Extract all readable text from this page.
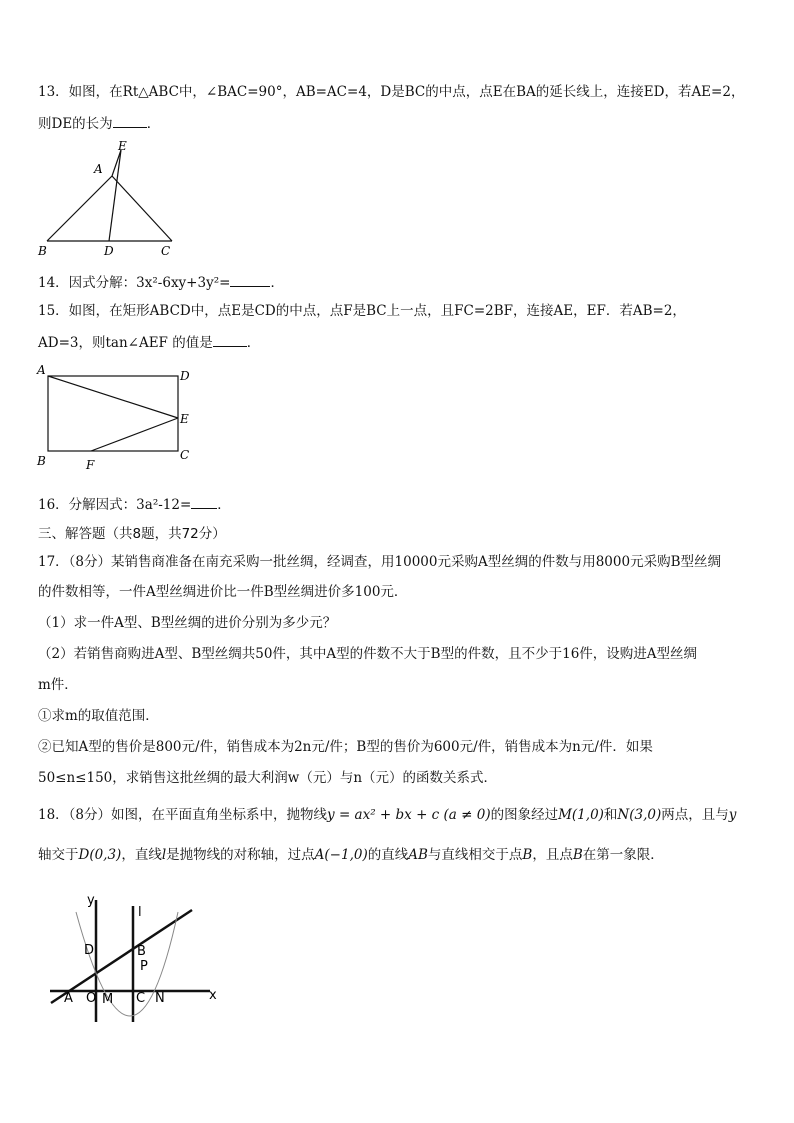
13．如图，在Rt△ABC中，∠BAC=90°，AB=AC=4，D是BC的中点，点E在BA的延长线上，连接ED，若AE=2，
则DE的长为	．
E
A
B	D	C
14．因式分解：3x²-6xy+3y²=	．
15．如图，在矩形ABCD中，点E是CD的中点，点F是BC上一点，且FC=2BF，连接AE，EF．若AB=2，
AD=3，则tan∠AEF 的值是	．
A	D
E
B	C
F
16．分解因式：3a²-12= ．
三、解答题（共8题，共72分）
17．（8分）某销售商准备在南充采购一批丝绸，经调查，用10000元采购A型丝绸的件数与用8000元采购B型丝绸
的件数相等，一件A型丝绸进价比一件B型丝绸进价多100元．
（1）求一件A型、B型丝绸的进价分别为多少元？
（2）若销售商购进A型、B型丝绸共50件，其中A型的件数不大于B型的件数，且不少于16件，设购进A型丝绸
m件．
①求m的取值范围．
②已知A型的售价是800元/件，销售成本为2n元/件；B型的售价为600元/件，销售成本为n元/件．如果
50≤n≤150，求销售这批丝绸的最大利润w（元）与n（元）的函数关系式．
18．（8分）如图，在平面直角坐标系中，抛物线y = ax² + bx + c (a ≠ 0)的图象经过M(1,0)和N(3,0)两点，且与y
轴交于D(0,3)，直线l是抛物线的对称轴，过点A(−1,0)的直线AB与直线相交于点B，且点B在第一象限．
y
l
D	B
P
A O M C N	x
